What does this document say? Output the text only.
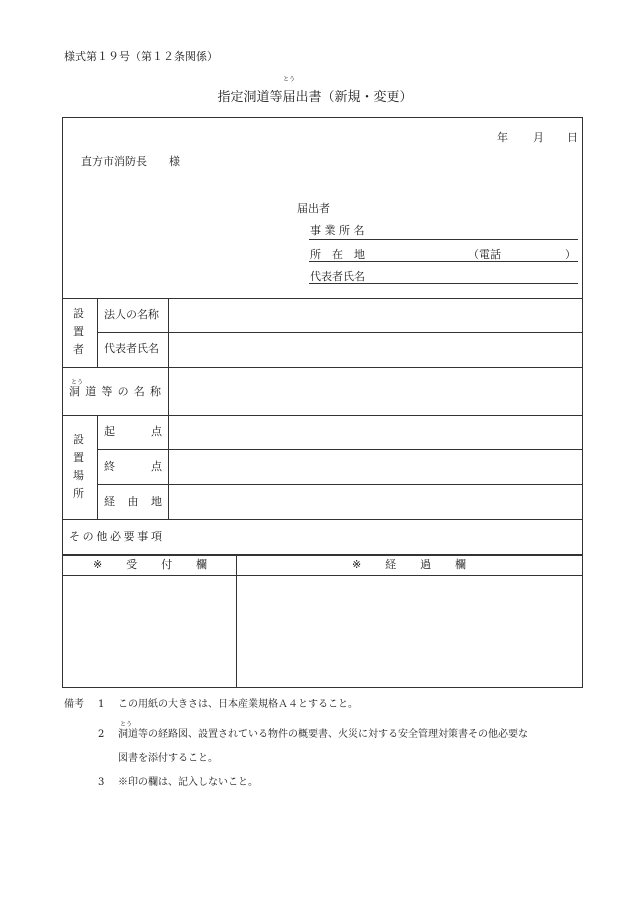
様式第１９号（第１２条関係）
とう
指定洞道等届出書（新規・変更）
年 月 日
直方市消防長　　様
届出者
事 業 所 名
所　在　地	（電話	）
代表者氏名
設
置
者
法人の名称
代表者氏名
とう
洞 道 等 の 名 称
設
置
場
所
起	点
終	点
経 由 地
そ の 他 必 要 事 項
※ 受 付 欄	※ 経 過 欄
備考 1 この用紙の大きさは、日本産業規格Ａ４とすること。
とう
2 洞道等の経路図、設置されている物件の概要書、火災に対する安全管理対策書その他必要な
図書を添付すること。
3 ※印の欄は、記入しないこと。
